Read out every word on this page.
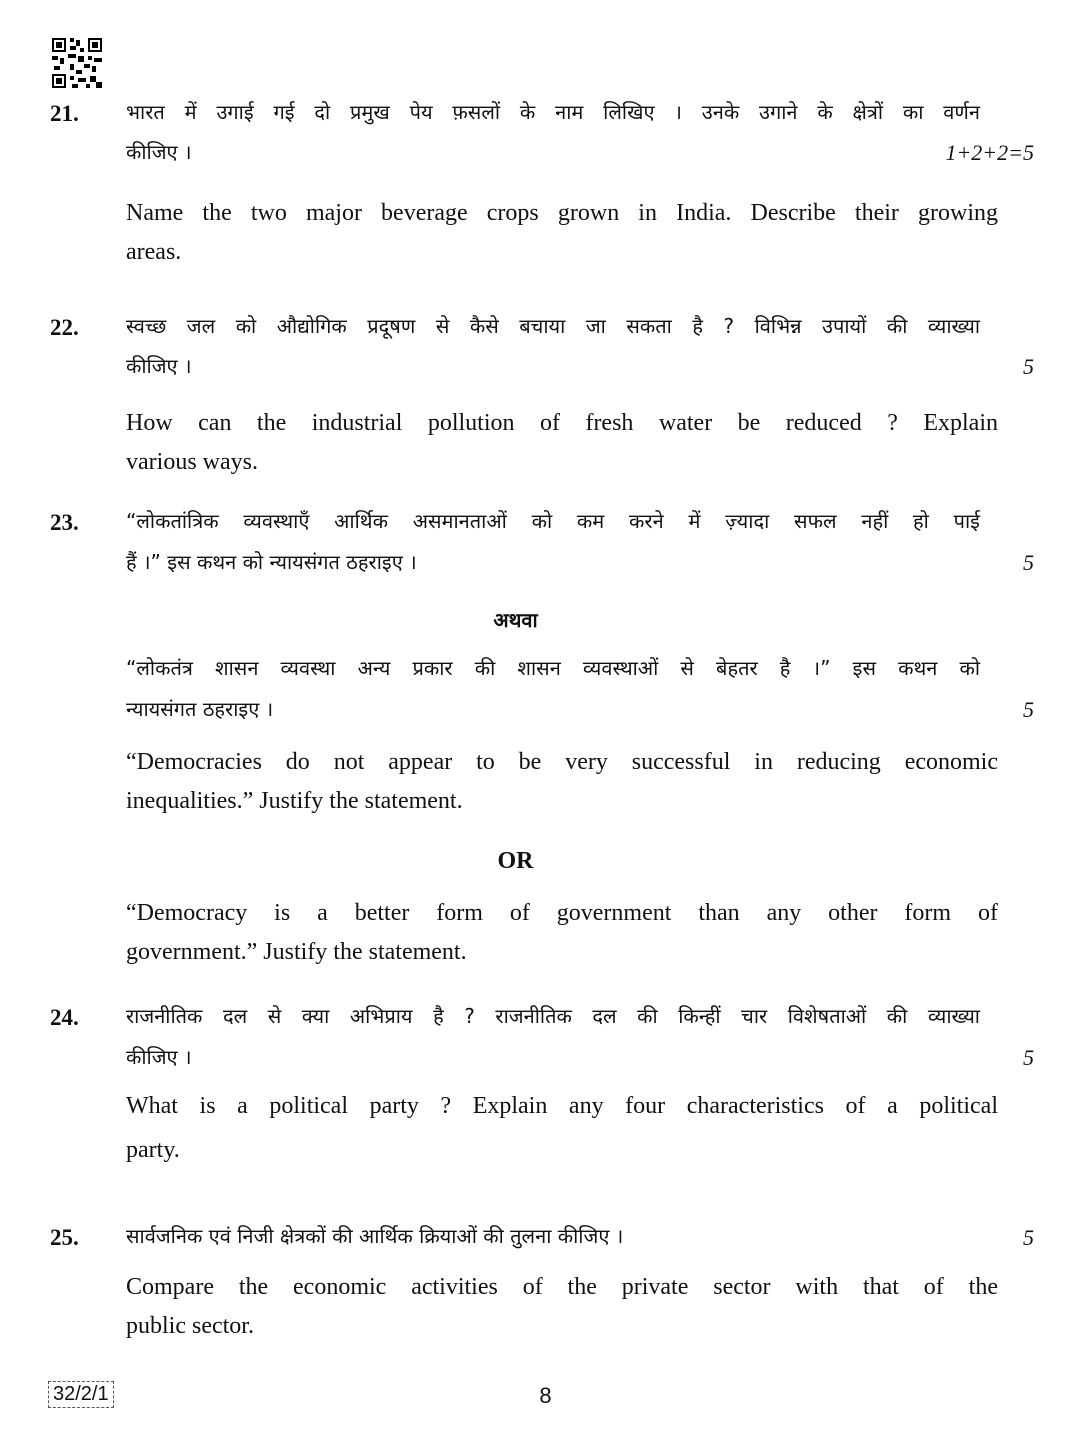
21. भारत में उगाई गई दो प्रमुख पेय फ़सलों के नाम लिखिए । उनके उगाने के क्षेत्रों का वर्णन
कीजिए ।	1+2+2=5
Name the two major beverage crops grown in India. Describe their growing
areas.
22. स्वच्छ जल को औद्योगिक प्रदूषण से कैसे बचाया जा सकता है ? विभिन्न उपायों की व्याख्या
कीजिए ।	5
How can the industrial pollution of fresh water be reduced ? Explain
various ways.
23. “लोकतांत्रिक व्यवस्थाएँ आर्थिक असमानताओं को कम करने में ज़्यादा सफल नहीं हो पाई
हैं ।” इस कथन को न्यायसंगत ठहराइए ।	5
अथवा
“लोकतंत्र शासन व्यवस्था अन्य प्रकार की शासन व्यवस्थाओं से बेहतर है ।” इस कथन को
न्यायसंगत ठहराइए ।	5
“Democracies do not appear to be very successful in reducing economic
inequalities.” Justify the statement.
OR
“Democracy is a better form of government than any other form of
government.” Justify the statement.
24. राजनीतिक दल से क्या अभिप्राय है ? राजनीतिक दल की किन्हीं चार विशेषताओं की व्याख्या
कीजिए ।	5
What is a political party ? Explain any four characteristics of a political
party.
25. सार्वजनिक एवं निजी क्षेत्रकों की आर्थिक क्रियाओं की तुलना कीजिए ।	5
Compare the economic activities of the private sector with that of the
public sector.
32/2/1	8
